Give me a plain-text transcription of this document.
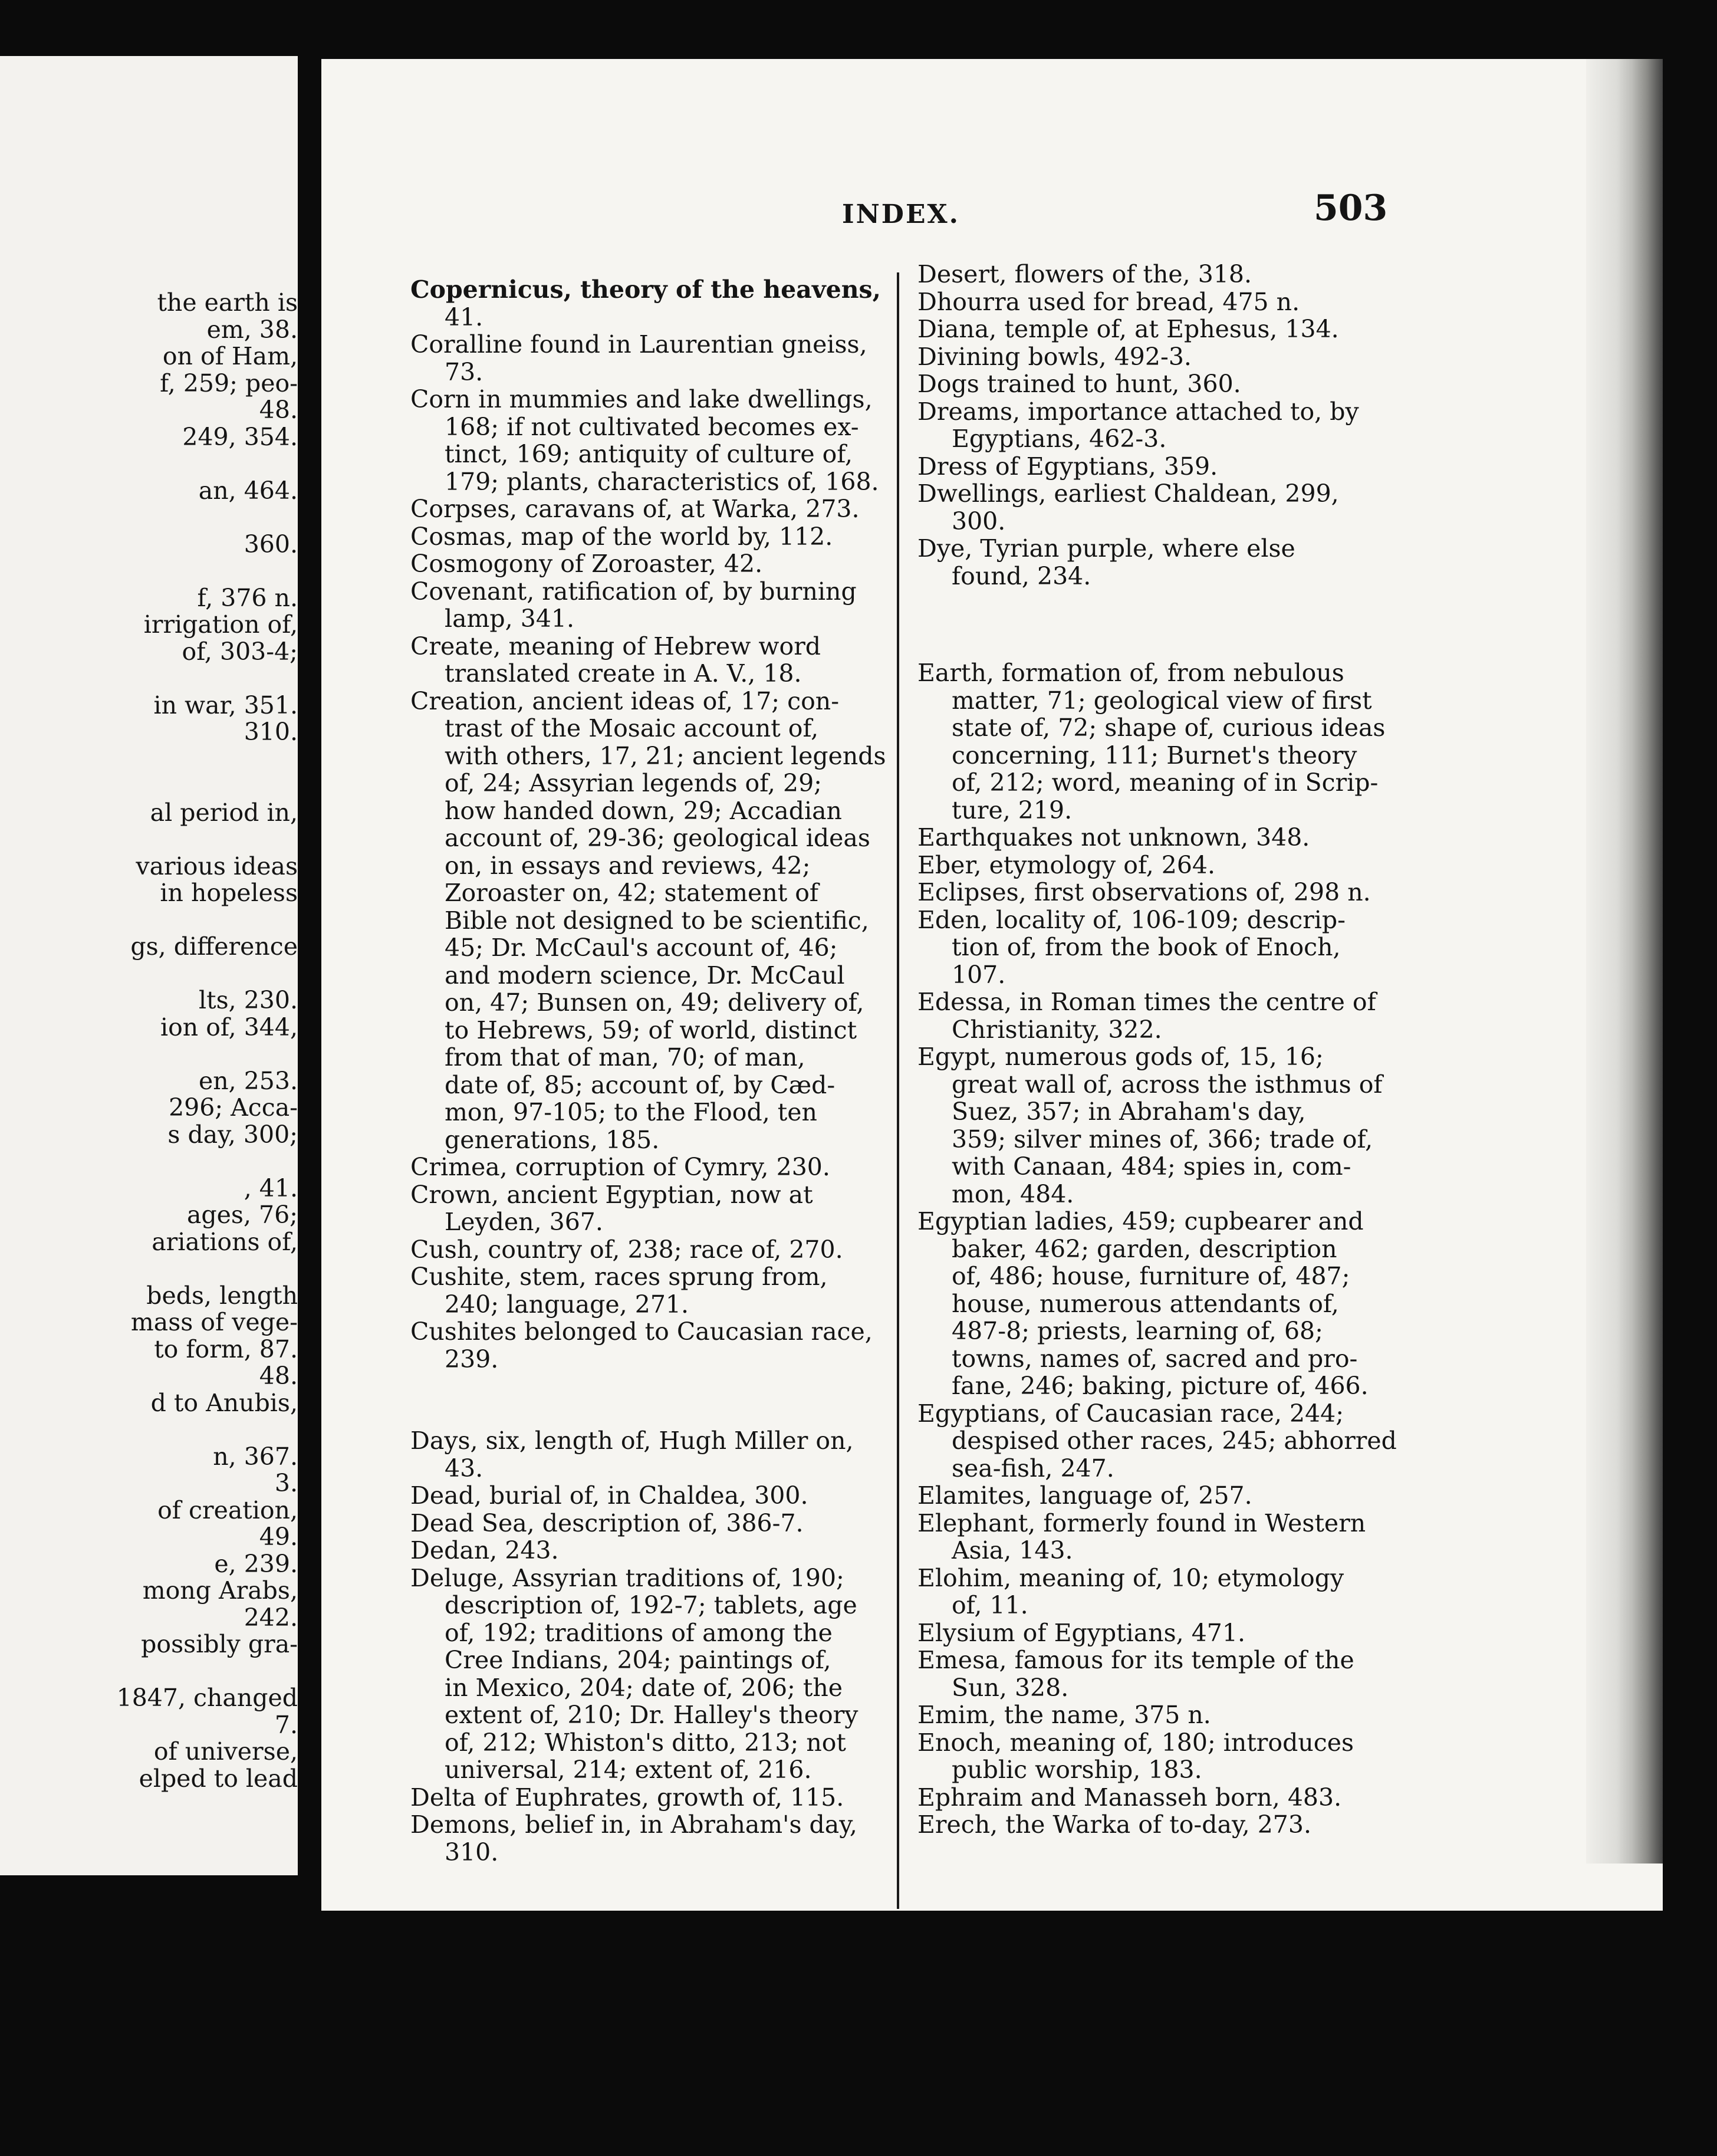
the earth is
em, 38.
on of Ham,
f, 259; peo-
48.
249, 354.
an, 464.
360.
f, 376 n.
irrigation of,
of, 303-4;
in war, 351.
310.
al period in,
various ideas
in hopeless
gs, difference
lts, 230.
ion of, 344,
en, 253.
296; Acca-
s day, 300;
, 41.
ages, 76;
ariations of,
beds, length
mass of vege-
to form, 87.
48.
d to Anubis,
n, 367.
3.
of creation,
49.
e, 239.
mong Arabs,
242.
possibly gra-
1847, changed
7.
of universe,
elped to lead
INDEX.	503
Copernicus, theory of the heavens,
41.
Coralline found in Laurentian gneiss,
73.
Corn in mummies and lake dwellings,
168; if not cultivated becomes ex-
tinct, 169; antiquity of culture of,
179; plants, characteristics of, 168.
Corpses, caravans of, at Warka, 273.
Cosmas, map of the world by, 112.
Cosmogony of Zoroaster, 42.
Covenant, ratification of, by burning
lamp, 341.
Create, meaning of Hebrew word
translated create in A. V., 18.
Creation, ancient ideas of, 17; con-
trast of the Mosaic account of,
with others, 17, 21; ancient legends
of, 24; Assyrian legends of, 29;
how handed down, 29; Accadian
account of, 29-36; geological ideas
on, in essays and reviews, 42;
Zoroaster on, 42; statement of
Bible not designed to be scientific,
45; Dr. McCaul's account of, 46;
and modern science, Dr. McCaul
on, 47; Bunsen on, 49; delivery of,
to Hebrews, 59; of world, distinct
from that of man, 70; of man,
date of, 85; account of, by Cæd-
mon, 97-105; to the Flood, ten
generations, 185.
Crimea, corruption of Cymry, 230.
Crown, ancient Egyptian, now at
Leyden, 367.
Cush, country of, 238; race of, 270.
Cushite, stem, races sprung from,
240; language, 271.
Cushites belonged to Caucasian race,
239.
Days, six, length of, Hugh Miller on,
43.
Dead, burial of, in Chaldea, 300.
Dead Sea, description of, 386-7.
Dedan, 243.
Deluge, Assyrian traditions of, 190;
description of, 192-7; tablets, age
of, 192; traditions of among the
Cree Indians, 204; paintings of,
in Mexico, 204; date of, 206; the
extent of, 210; Dr. Halley's theory
of, 212; Whiston's ditto, 213; not
universal, 214; extent of, 216.
Delta of Euphrates, growth of, 115.
Demons, belief in, in Abraham's day,
310.
Desert, flowers of the, 318.
Dhourra used for bread, 475 n.
Diana, temple of, at Ephesus, 134.
Divining bowls, 492-3.
Dogs trained to hunt, 360.
Dreams, importance attached to, by
Egyptians, 462-3.
Dress of Egyptians, 359.
Dwellings, earliest Chaldean, 299,
300.
Dye, Tyrian purple, where else
found, 234.
Earth, formation of, from nebulous
matter, 71; geological view of first
state of, 72; shape of, curious ideas
concerning, 111; Burnet's theory
of, 212; word, meaning of in Scrip-
ture, 219.
Earthquakes not unknown, 348.
Eber, etymology of, 264.
Eclipses, first observations of, 298 n.
Eden, locality of, 106-109; descrip-
tion of, from the book of Enoch,
107.
Edessa, in Roman times the centre of
Christianity, 322.
Egypt, numerous gods of, 15, 16;
great wall of, across the isthmus of
Suez, 357; in Abraham's day,
359; silver mines of, 366; trade of,
with Canaan, 484; spies in, com-
mon, 484.
Egyptian ladies, 459; cupbearer and
baker, 462; garden, description
of, 486; house, furniture of, 487;
house, numerous attendants of,
487-8; priests, learning of, 68;
towns, names of, sacred and pro-
fane, 246; baking, picture of, 466.
Egyptians, of Caucasian race, 244;
despised other races, 245; abhorred
sea-fish, 247.
Elamites, language of, 257.
Elephant, formerly found in Western
Asia, 143.
Elohim, meaning of, 10; etymology
of, 11.
Elysium of Egyptians, 471.
Emesa, famous for its temple of the
Sun, 328.
Emim, the name, 375 n.
Enoch, meaning of, 180; introduces
public worship, 183.
Ephraim and Manasseh born, 483.
Erech, the Warka of to-day, 273.
